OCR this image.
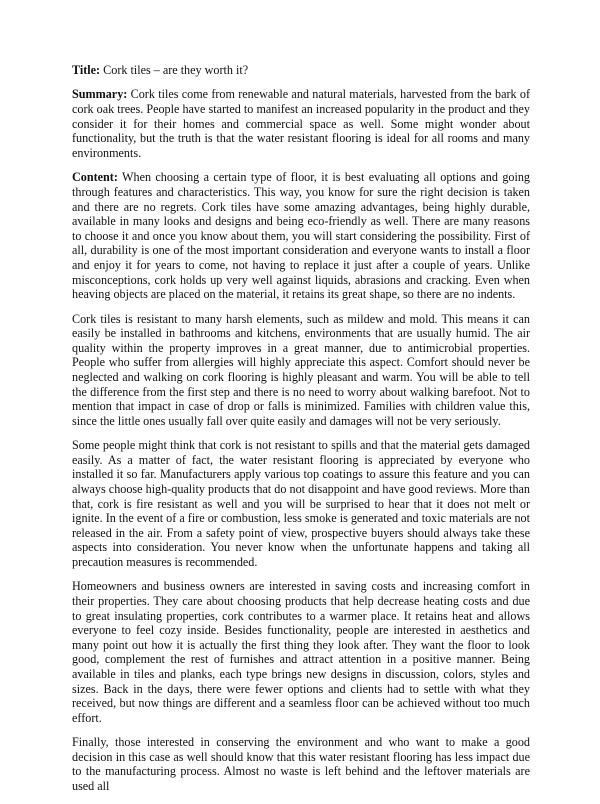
Title: Cork tiles – are they worth it?

Summary: Cork tiles come from renewable and natural materials, harvested from the bark of cork oak trees. People have started to manifest an increased popularity in the product and they consider it for their homes and commercial space as well. Some might wonder about functionality, but the truth is that the water resistant flooring is ideal for all rooms and many environments.

Content: When choosing a certain type of floor, it is best evaluating all options and going through features and characteristics. This way, you know for sure the right decision is taken and there are no regrets. Cork tiles have some amazing advantages, being highly durable, available in many looks and designs and being eco-friendly as well. There are many reasons to choose it and once you know about them, you will start considering the possibility. First of all, durability is one of the most important consideration and everyone wants to install a floor and enjoy it for years to come, not having to replace it just after a couple of years. Unlike misconceptions, cork holds up very well against liquids, abrasions and cracking. Even when heaving objects are placed on the material, it retains its great shape, so there are no indents.

Cork tiles is resistant to many harsh elements, such as mildew and mold. This means it can easily be installed in bathrooms and kitchens, environments that are usually humid. The air quality within the property improves in a great manner, due to antimicrobial properties. People who suffer from allergies will highly appreciate this aspect. Comfort should never be neglected and walking on cork flooring is highly pleasant and warm. You will be able to tell the difference from the first step and there is no need to worry about walking barefoot. Not to mention that impact in case of drop or falls is minimized. Families with children value this, since the little ones usually fall over quite easily and damages will not be very seriously.

Some people might think that cork is not resistant to spills and that the material gets damaged easily. As a matter of fact, the water resistant flooring is appreciated by everyone who installed it so far. Manufacturers apply various top coatings to assure this feature and you can always choose high-quality products that do not disappoint and have good reviews. More than that, cork is fire resistant as well and you will be surprised to hear that it does not melt or ignite. In the event of a fire or combustion, less smoke is generated and toxic materials are not released in the air. From a safety point of view, prospective buyers should always take these aspects into consideration. You never know when the unfortunate happens and taking all precaution measures is recommended.

Homeowners and business owners are interested in saving costs and increasing comfort in their properties. They care about choosing products that help decrease heating costs and due to great insulating properties, cork contributes to a warmer place. It retains heat and allows everyone to feel cozy inside. Besides functionality, people are interested in aesthetics and many point out how it is actually the first thing they look after. They want the floor to look good, complement the rest of furnishes and attract attention in a positive manner. Being available in tiles and planks, each type brings new designs in discussion, colors, styles and sizes. Back in the days, there were fewer options and clients had to settle with what they received, but now things are different and a seamless floor can be achieved without too much effort.

Finally, those interested in conserving the environment and who want to make a good decision in this case as well should know that this water resistant flooring has less impact due to the manufacturing process. Almost no waste is left behind and the leftover materials are used all
